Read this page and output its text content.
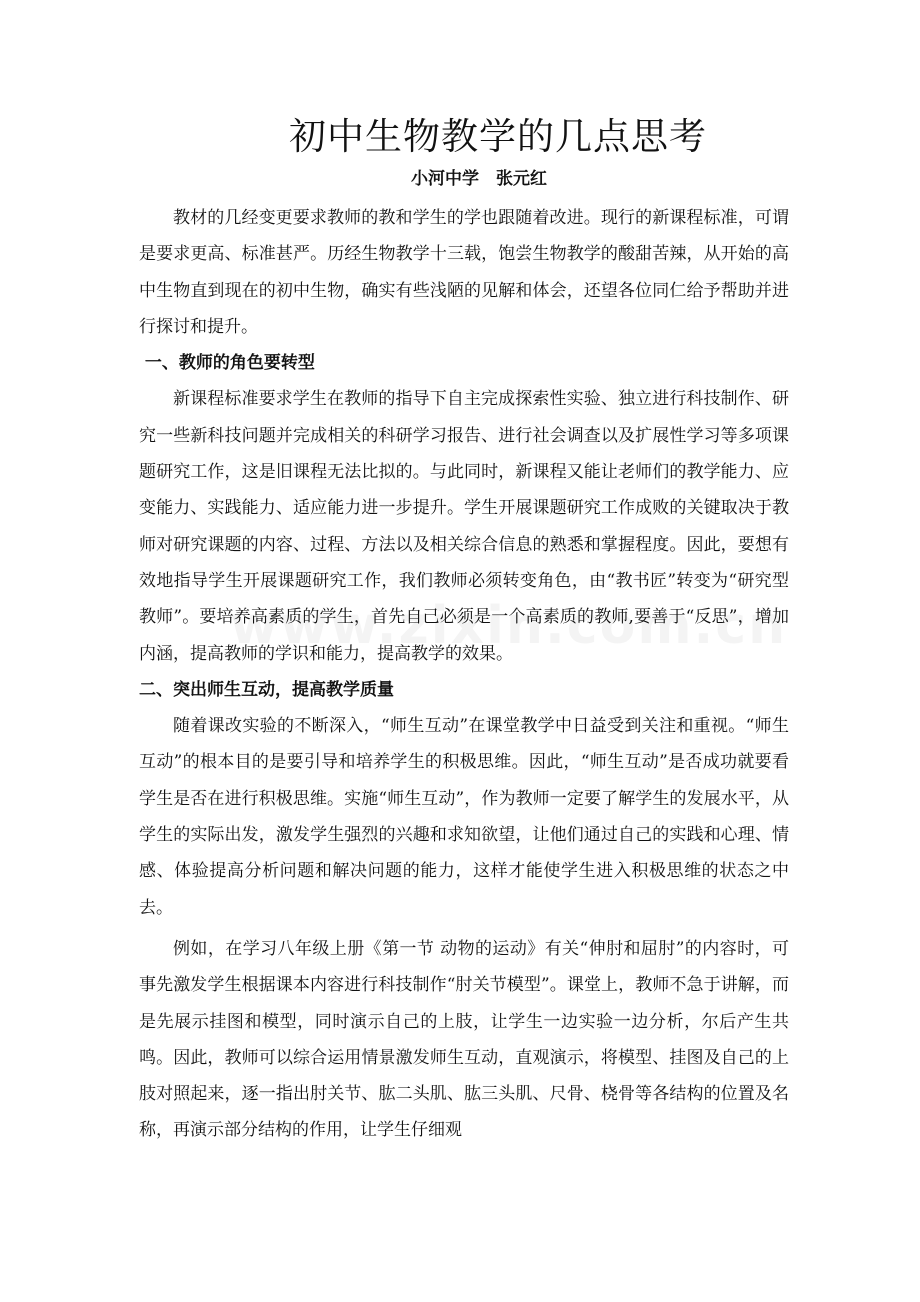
初中生物教学的几点思考
小河中学　张元红

教材的几经变更要求教师的教和学生的学也跟随着改进。现行的新课程标准，可谓是要求更高、标准甚严。历经生物教学十三载，饱尝生物教学的酸甜苦辣，从开始的高中生物直到现在的初中生物，确实有些浅陋的见解和体会，还望各位同仁给予帮助并进行探讨和提升。

一、教师的角色要转型

新课程标准要求学生在教师的指导下自主完成探索性实验、独立进行科技制作、研究一些新科技问题并完成相关的科研学习报告、进行社会调查以及扩展性学习等多项课题研究工作，这是旧课程无法比拟的。与此同时，新课程又能让老师们的教学能力、应变能力、实践能力、适应能力进一步提升。学生开展课题研究工作成败的关键取决于教师对研究课题的内容、过程、方法以及相关综合信息的熟悉和掌握程度。因此，要想有效地指导学生开展课题研究工作，我们教师必须转变角色，由“教书匠”转变为“研究型教师”。要培养高素质的学生，首先自己必须是一个高素质的教师,要善于“反思”，增加内涵，提高教师的学识和能力，提高教学的效果。

二、突出师生互动，提高教学质量

随着课改实验的不断深入，“师生互动”在课堂教学中日益受到关注和重视。“师生互动”的根本目的是要引导和培养学生的积极思维。因此，“师生互动”是否成功就要看学生是否在进行积极思维。实施“师生互动”，作为教师一定要了解学生的发展水平，从学生的实际出发，激发学生强烈的兴趣和求知欲望，让他们通过自己的实践和心理、情感、体验提高分析问题和解决问题的能力，这样才能使学生进入积极思维的状态之中去。

例如，在学习八年级上册《第一节 动物的运动》有关“伸肘和屈肘”的内容时，可事先激发学生根据课本内容进行科技制作“肘关节模型”。课堂上，教师不急于讲解，而是先展示挂图和模型，同时演示自己的上肢，让学生一边实验一边分析，尔后产生共鸣。因此，教师可以综合运用情景激发师生互动，直观演示，将模型、挂图及自己的上肢对照起来，逐一指出肘关节、肱二头肌、肱三头肌、尺骨、桡骨等各结构的位置及名称，再演示部分结构的作用，让学生仔细观
